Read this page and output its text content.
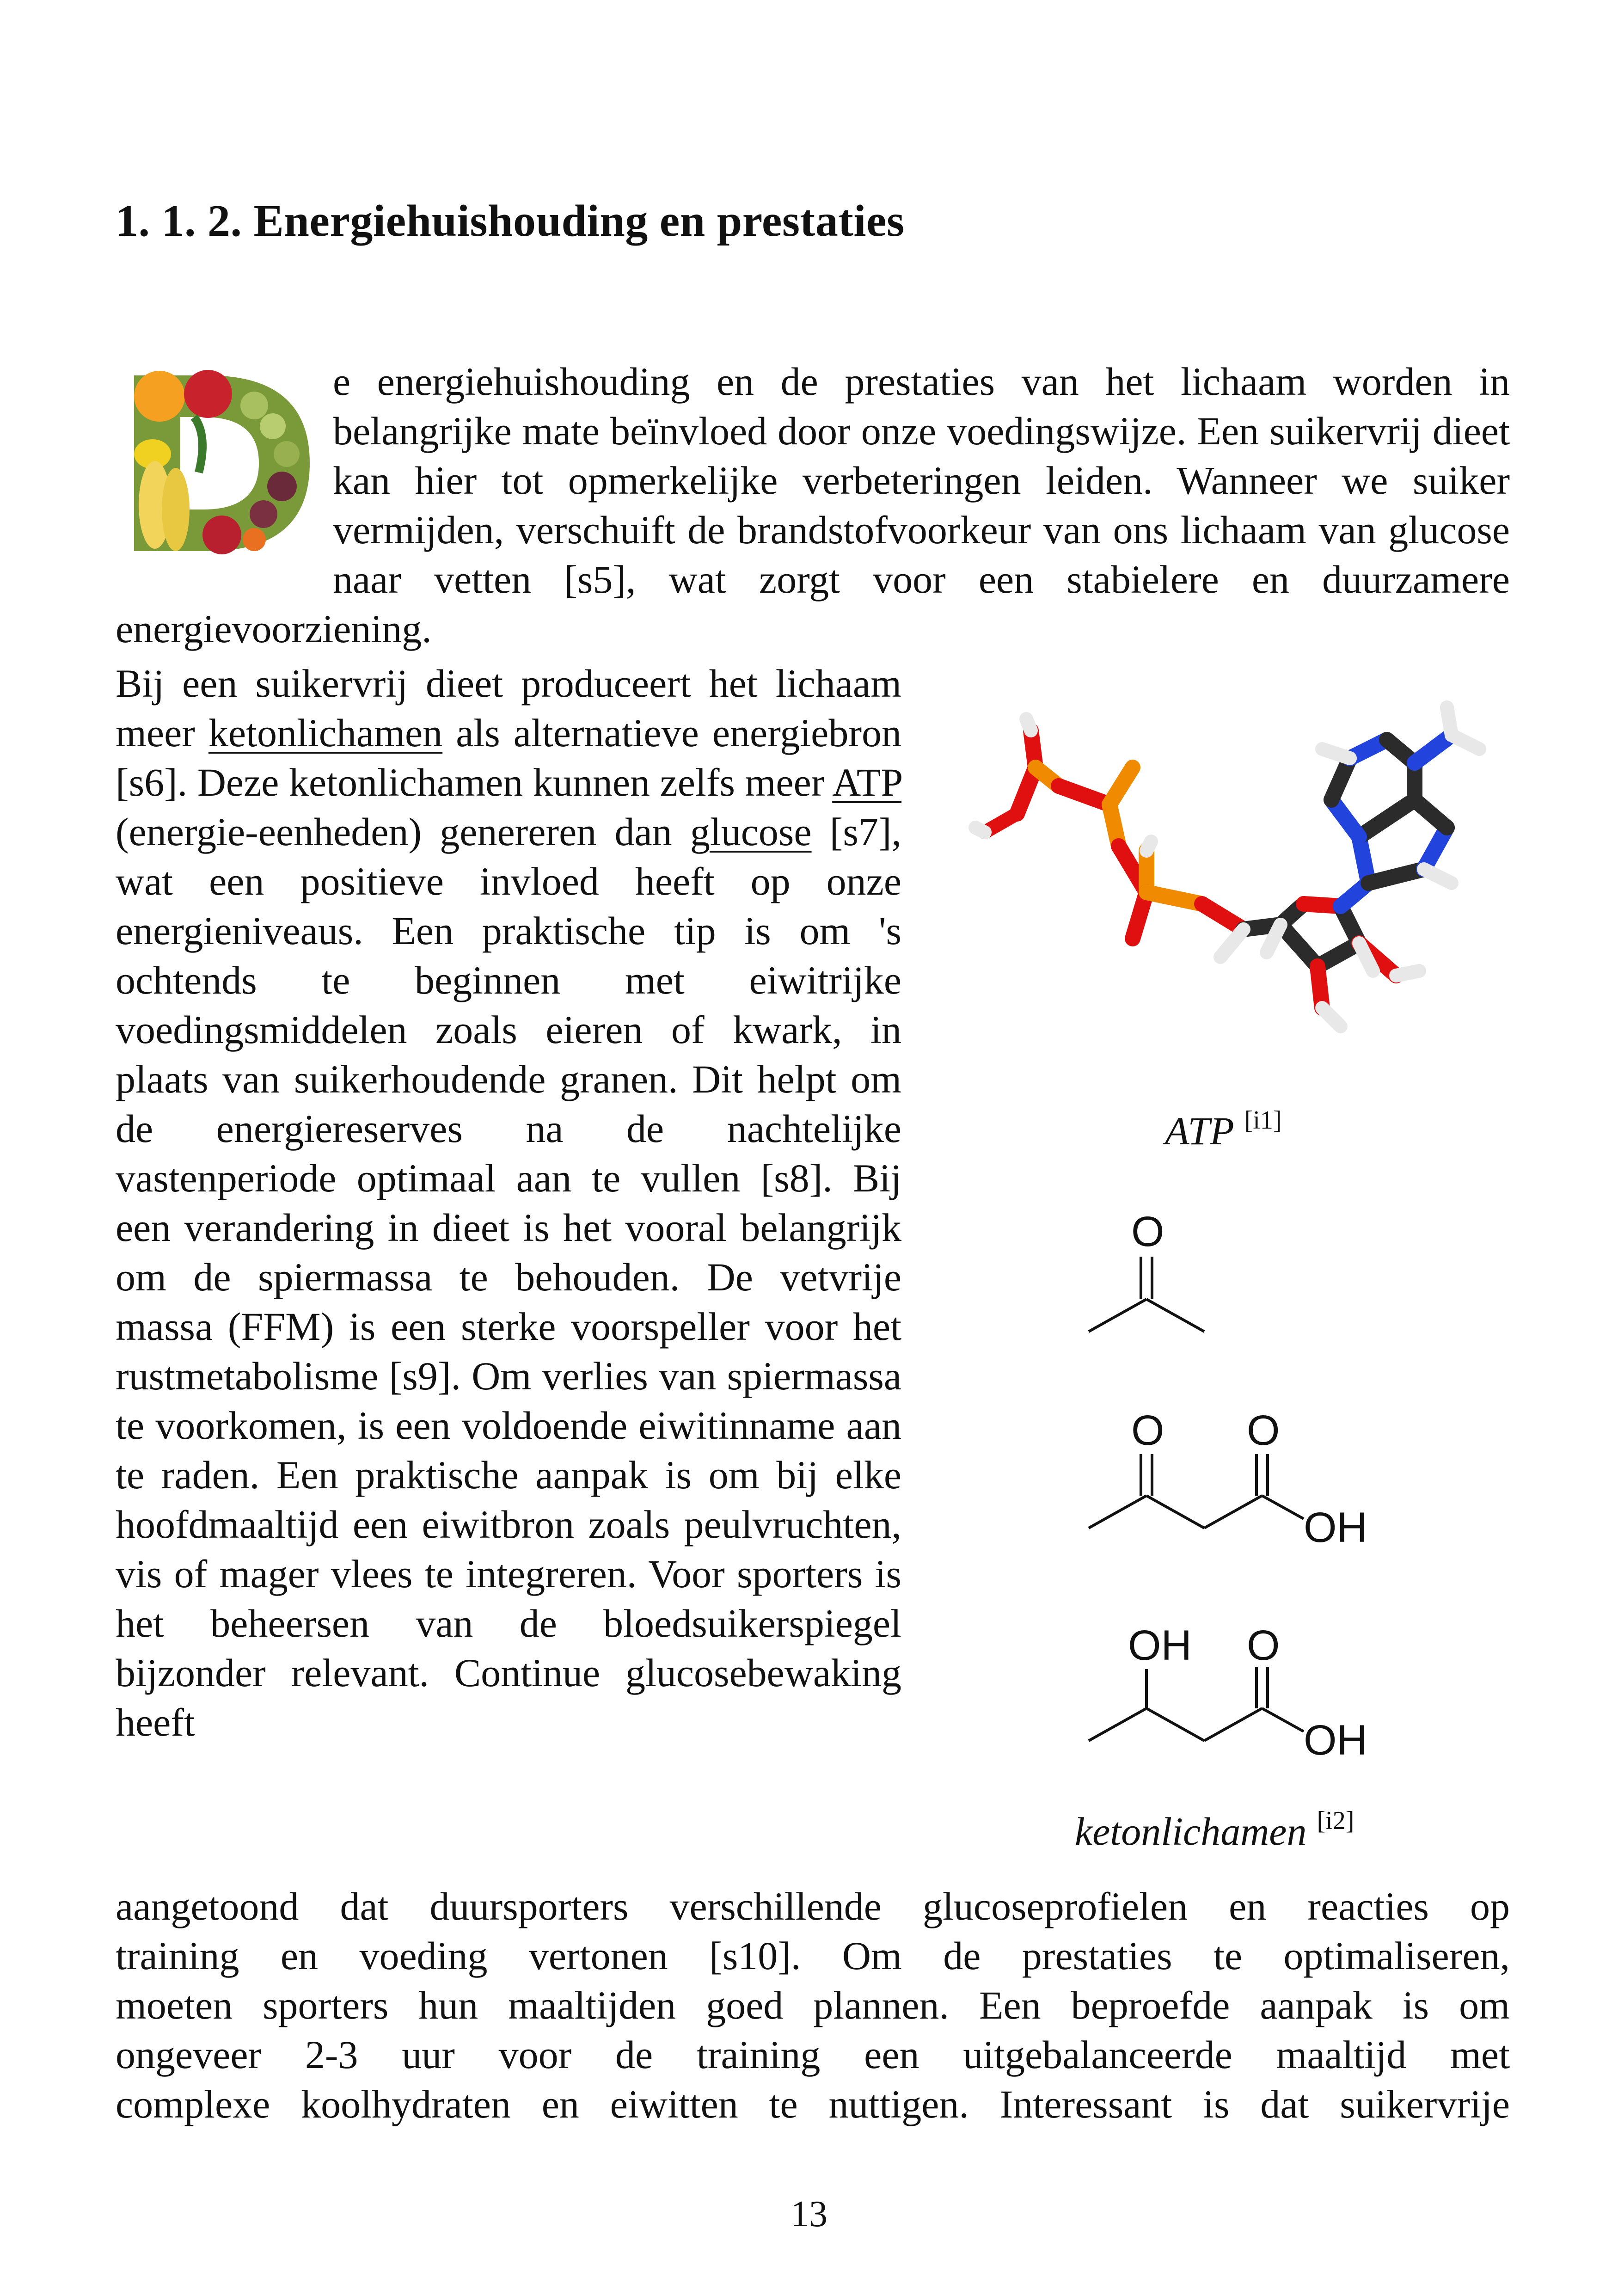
1. 1. 2. Energiehuishouding en prestaties
e energiehuishouding en de prestaties van het lichaam worden in belangrijke mate beïnvloed door onze voedingswijze. Een suikervrij dieet kan hier tot opmerkelijke verbeteringen leiden. Wanneer we suiker vermijden, verschuift de brandstofvoorkeur van ons lichaam van glucose naar vetten [s5], wat zorgt voor een stabielere en duurzamere energievoorziening.
Bij een suikervrij dieet produceert het lichaam meer ketonlichamen als alternatieve energiebron [s6]. Deze ketonlichamen kunnen zelfs meer ATP (energie-eenheden) genereren dan glucose [s7], wat een positieve invloed heeft op onze energieniveaus. Een praktische tip is om 's ochtends te beginnen met eiwitrijke voedingsmiddelen zoals eieren of kwark, in plaats van suikerhoudende granen. Dit helpt om de energiereserves na de nachtelijke vastenperiode optimaal aan te vullen [s8]. Bij een verandering in dieet is het vooral belangrijk om de spiermassa te behouden. De vetvrije massa (FFM) is een sterke voorspeller voor het rustmetabolisme [s9]. Om verlies van spiermassa te voorkomen, is een voldoende eiwitinname aan te raden. Een praktische aanpak is om bij elke hoofdmaaltijd een eiwitbron zoals peulvruchten, vis of mager vlees te integreren. Voor sporters is het beheersen van de bloedsuikerspiegel bijzonder relevant. Continue glucosebewaking heeft
ATP [i1]
O
O O
OH
OH O
OH
ketonlichamen [i2]
aangetoond dat duursporters verschillende glucoseprofielen en reacties op
training en voeding vertonen [s10]. Om de prestaties te optimaliseren,
moeten sporters hun maaltijden goed plannen. Een beproefde aanpak is om
ongeveer 2-3 uur voor de training een uitgebalanceerde maaltijd met
complexe koolhydraten en eiwitten te nuttigen. Interessant is dat suikervrije
13
